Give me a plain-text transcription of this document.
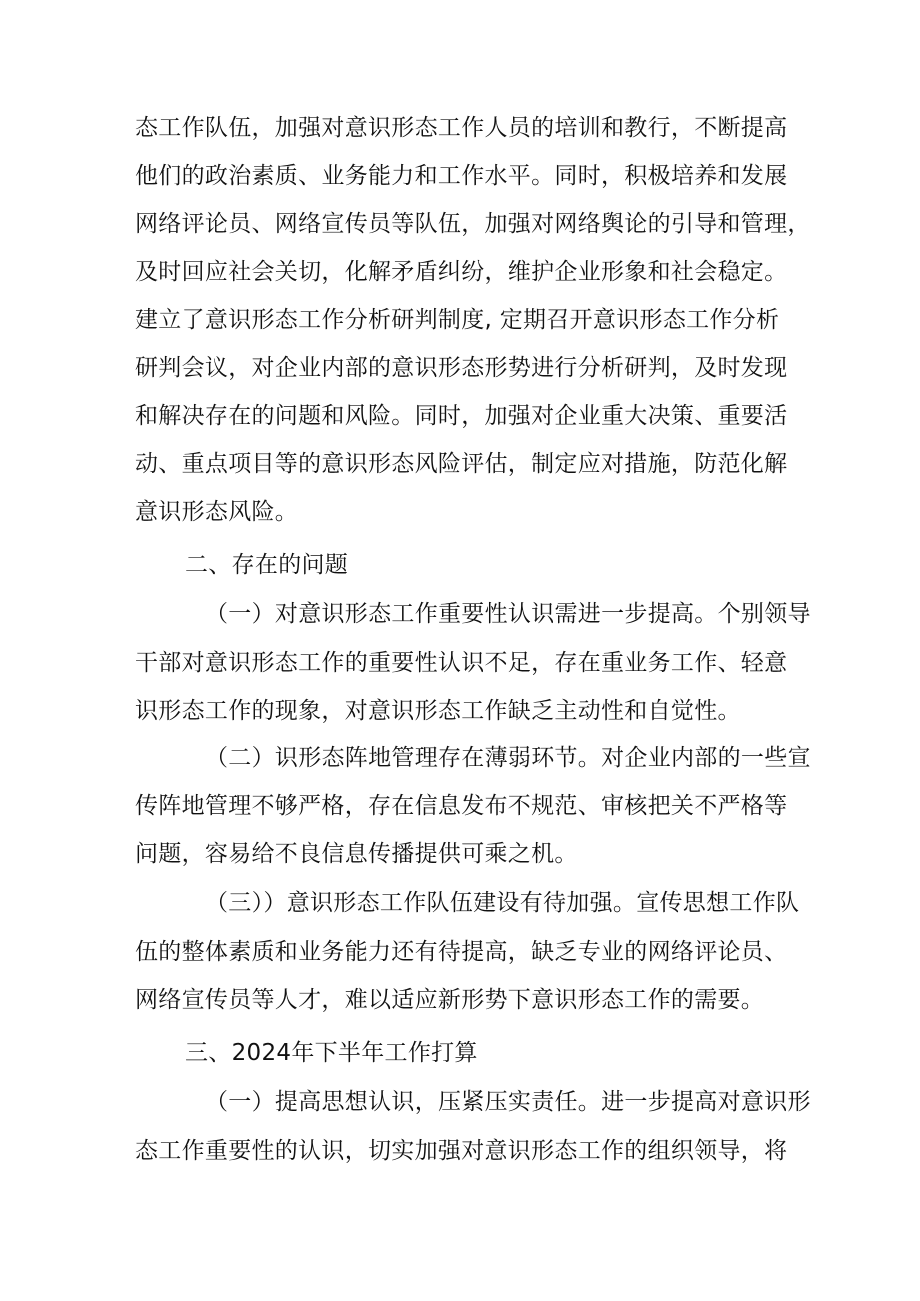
态工作队伍，加强对意识形态工作人员的培训和教行，不断提高
他们的政治素质、业务能力和工作水平。同时，积极培养和发展
网络评论员、网络宣传员等队伍，加强对网络舆论的引导和管理，
及时回应社会关切，化解矛盾纠纷，维护企业形象和社会稳定。
建立了意识形态工作分析研判制度, 定期召开意识形态工作分析
研判会议，对企业内部的意识形态形势进行分析研判，及时发现
和解决存在的问题和风险。同时，加强对企业重大决策、重要活
动、重点项目等的意识形态风险评估，制定应对措施，防范化解
意识形态风险。
二、存在的问题
（一）对意识形态工作重要性认识需进一步提高。个别领导
干部对意识形态工作的重要性认识不足，存在重业务工作、轻意
识形态工作的现象，对意识形态工作缺乏主动性和自觉性。
（二）识形态阵地管理存在薄弱环节。对企业内部的一些宣
传阵地管理不够严格，存在信息发布不规范、审核把关不严格等
问题，容易给不良信息传播提供可乘之机。
（三））意识形态工作队伍建设有待加强。宣传思想工作队
伍的整体素质和业务能力还有待提高，缺乏专业的网络评论员、
网络宣传员等人才，难以适应新形势下意识形态工作的需要。
三、2024年下半年工作打算
（一）提高思想认识，压紧压实责任。进一步提高对意识形
态工作重要性的认识，切实加强对意识形态工作的组织领导，将
